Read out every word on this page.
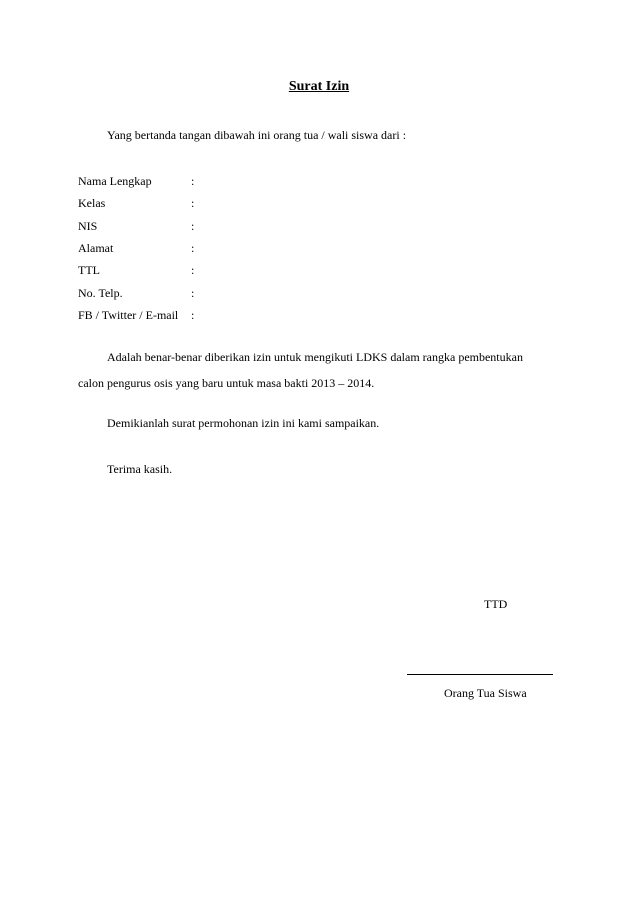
Surat Izin
Yang bertanda tangan dibawah ini orang tua / wali siswa dari :
Nama Lengkap	:
Kelas	:
NIS	:
Alamat	:
TTL	:
No. Telp.	:
FB / Twitter / E-mail :
Adalah benar-benar diberikan izin untuk mengikuti LDKS dalam rangka pembentukan
calon pengurus osis yang baru untuk masa bakti 2013 – 2014.
Demikianlah surat permohonan izin ini kami sampaikan.
Terima kasih.
TTD
Orang Tua Siswa
